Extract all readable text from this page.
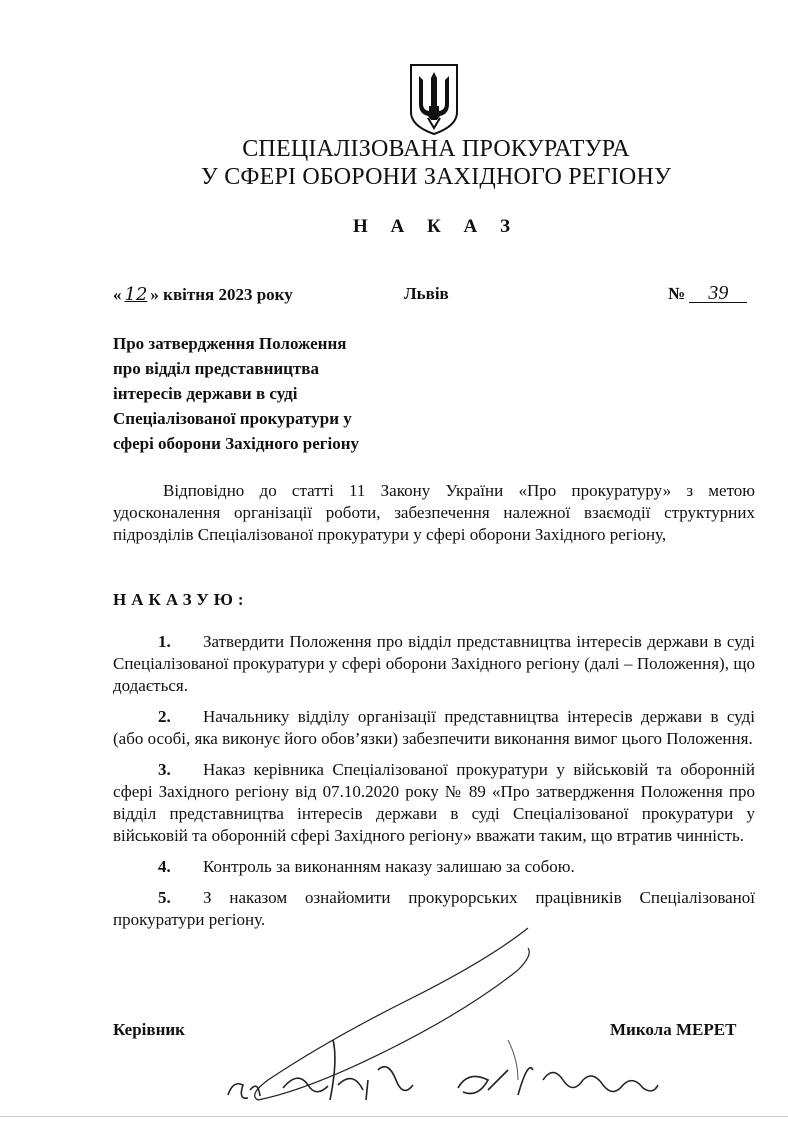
СПЕЦІАЛІЗОВАНА ПРОКУРАТУРА
У СФЕРІ ОБОРОНИ ЗАХІДНОГО РЕГІОНУ
Н А К А З
« 12 » квітня 2023 року	Львів	№ 39
Про затвердження Положення
про відділ представництва
інтересів держави в суді
Спеціалізованої прокуратури у
сфері оборони Західного регіону
Відповідно до статті 11 Закону України «Про прокуратуру» з метою удосконалення організації роботи, забезпечення належної взаємодії структурних підрозділів Спеціалізованої прокуратури у сфері оборони Західного регіону,
НАКАЗУЮ:
1. Затвердити Положення про відділ представництва інтересів держави в суді Спеціалізованої прокуратури у сфері оборони Західного регіону (далі – Положення), що додається.
2. Начальнику відділу організації представництва інтересів держави в суді (або особі, яка виконує його обов’язки) забезпечити виконання вимог цього Положення.
3. Наказ керівника Спеціалізованої прокуратури у військовій та оборонній сфері Західного регіону від 07.10.2020 року № 89 «Про затвердження Положення про відділ представництва інтересів держави в суді Спеціалізованої прокуратури у військовій та оборонній сфері Західного регіону» вважати таким, що втратив чинність.
4. Контроль за виконанням наказу залишаю за собою.
5. З наказом ознайомити прокурорських працівників Спеціалізованої прокуратури регіону.
Керівник	Микола МЕРЕТ
